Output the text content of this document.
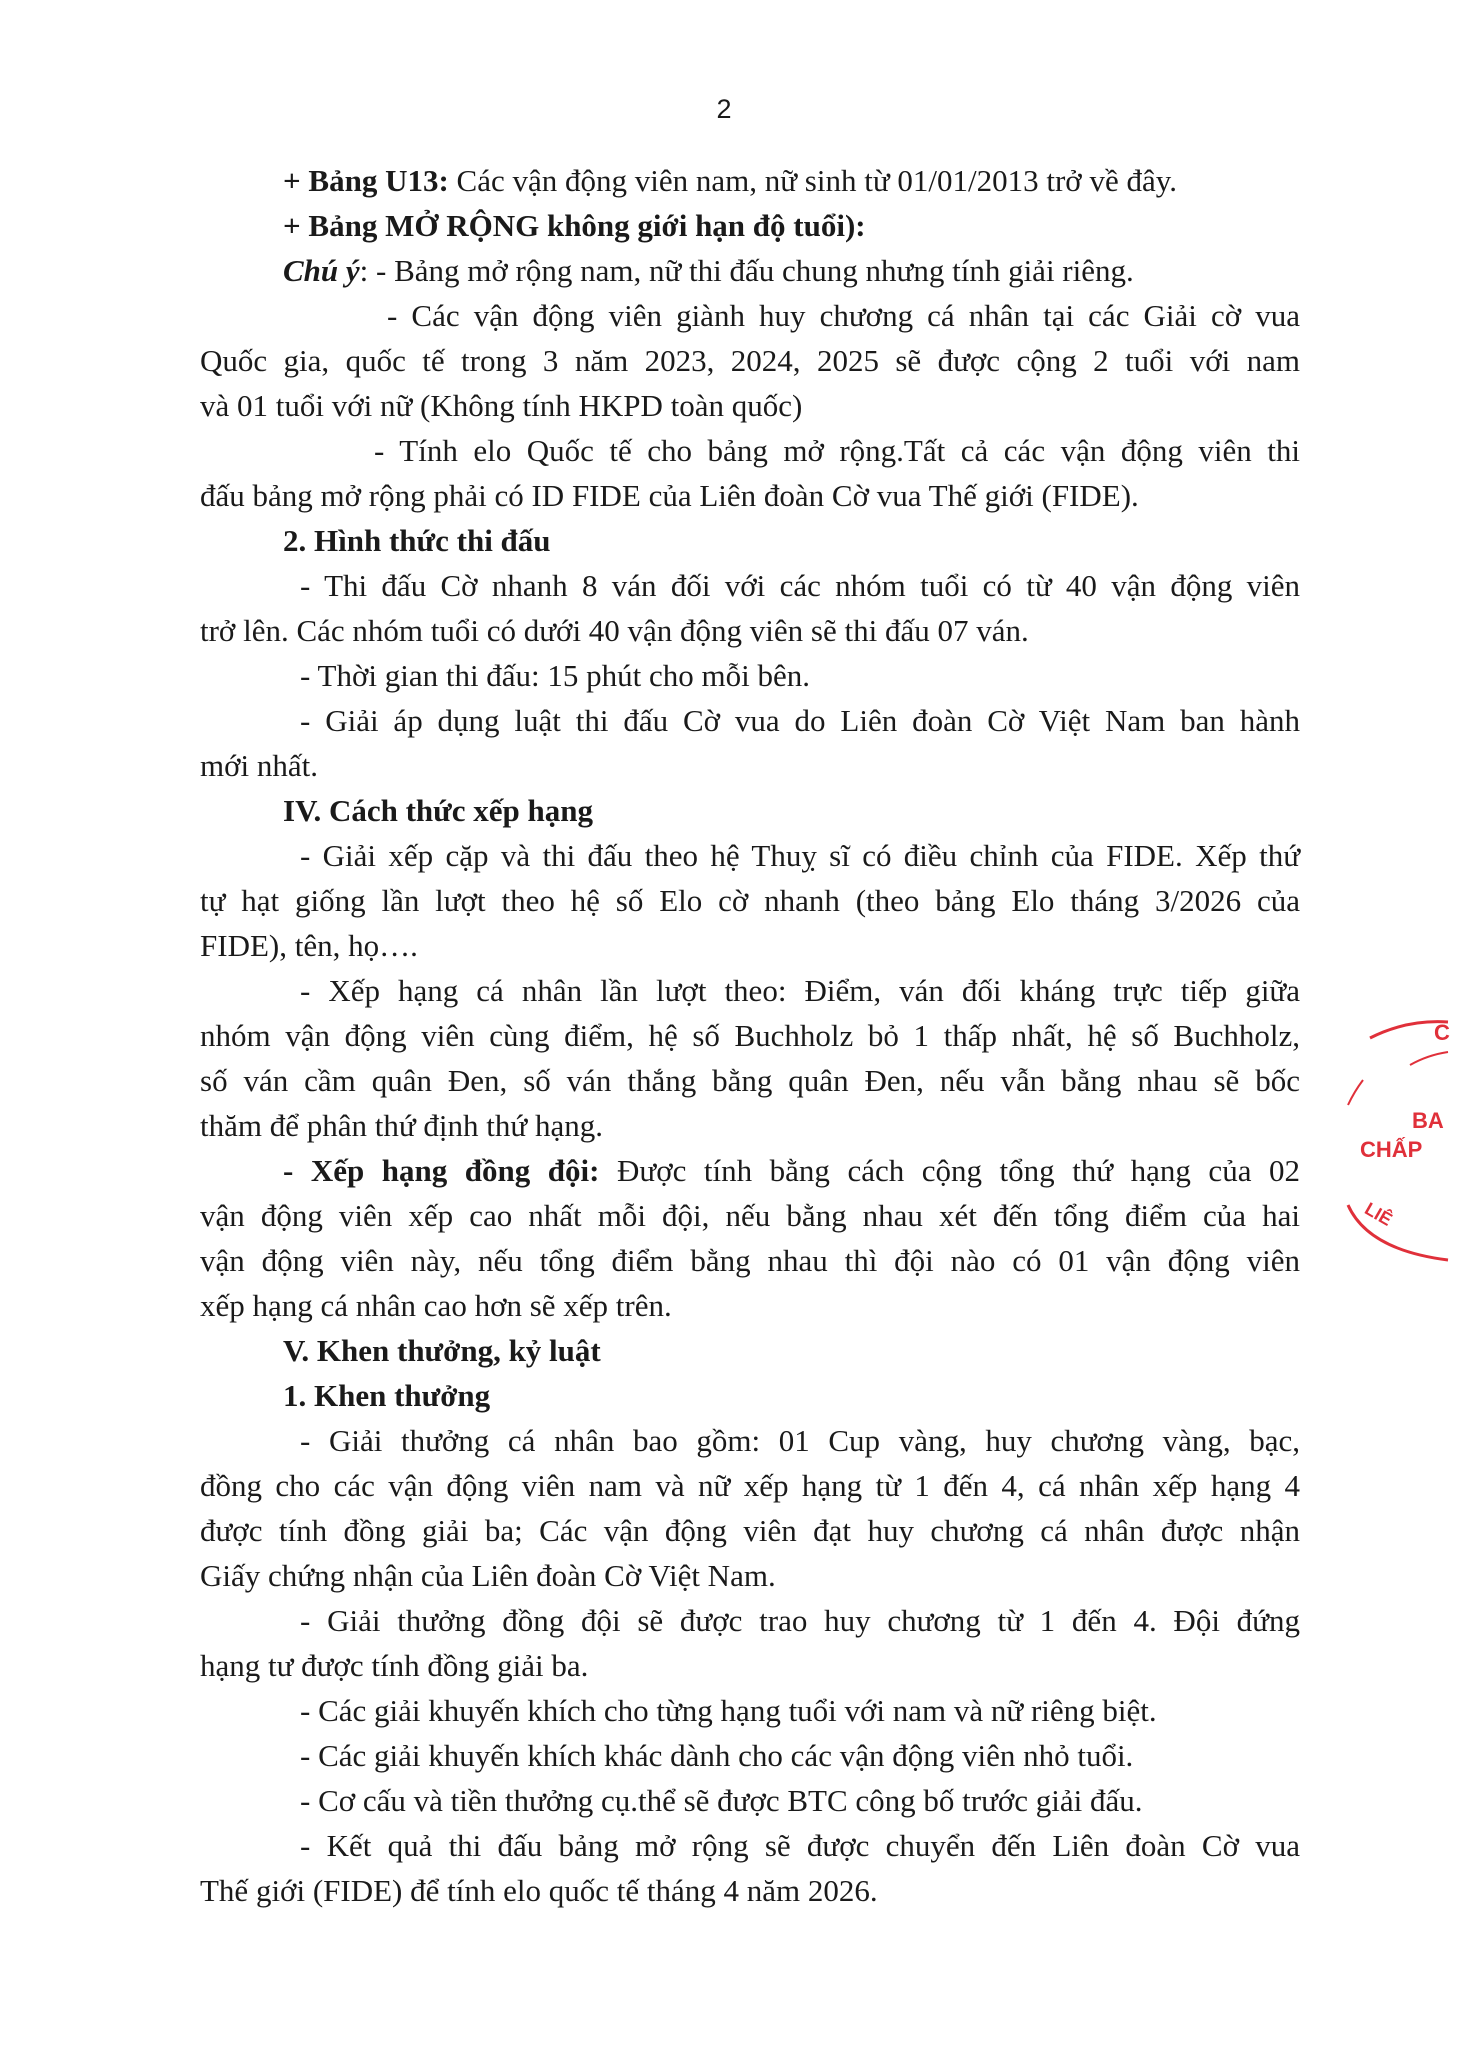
2
+ Bảng U13: Các vận động viên nam, nữ sinh từ 01/01/2013 trở về đây.
+ Bảng MỞ RỘNG không giới hạn độ tuổi):
Chú ý: - Bảng mở rộng nam, nữ thi đấu chung nhưng tính giải riêng.
- Các vận động viên giành huy chương cá nhân tại các Giải cờ vua
Quốc gia, quốc tế trong 3 năm 2023, 2024, 2025 sẽ được cộng 2 tuổi với nam
và 01 tuổi với nữ (Không tính HKPD toàn quốc)
- Tính elo Quốc tế cho bảng mở rộng.Tất cả các vận động viên thi
đấu bảng mở rộng phải có ID FIDE của Liên đoàn Cờ vua Thế giới (FIDE).
2. Hình thức thi đấu
- Thi đấu Cờ nhanh 8 ván đối với các nhóm tuổi có từ 40 vận động viên
trở lên. Các nhóm tuổi có dưới 40 vận động viên sẽ thi đấu 07 ván.
- Thời gian thi đấu: 15 phút cho mỗi bên.
- Giải áp dụng luật thi đấu Cờ vua do Liên đoàn Cờ Việt Nam ban hành
mới nhất.
IV. Cách thức xếp hạng
- Giải xếp cặp và thi đấu theo hệ Thuỵ sĩ có điều chỉnh của FIDE. Xếp thứ
tự hạt giống lần lượt theo hệ số Elo cờ nhanh (theo bảng Elo tháng 3/2026 của
FIDE), tên, họ….
- Xếp hạng cá nhân lần lượt theo: Điểm, ván đối kháng trực tiếp giữa
nhóm vận động viên cùng điểm, hệ số Buchholz bỏ 1 thấp nhất, hệ số Buchholz,
số ván cầm quân Đen, số ván thắng bằng quân Đen, nếu vẫn bằng nhau sẽ bốc
thăm để phân thứ định thứ hạng.
- Xếp hạng đồng đội: Được tính bằng cách cộng tổng thứ hạng của 02
vận động viên xếp cao nhất mỗi đội, nếu bằng nhau xét đến tổng điểm của hai
vận động viên này, nếu tổng điểm bằng nhau thì đội nào có 01 vận động viên
xếp hạng cá nhân cao hơn sẽ xếp trên.
V. Khen thưởng, kỷ luật
1. Khen thưởng
- Giải thưởng cá nhân bao gồm: 01 Cup vàng, huy chương vàng, bạc,
đồng cho các vận động viên nam và nữ xếp hạng từ 1 đến 4, cá nhân xếp hạng 4
được tính đồng giải ba; Các vận động viên đạt huy chương cá nhân được nhận
Giấy chứng nhận của Liên đoàn Cờ Việt Nam.
- Giải thưởng đồng đội sẽ được trao huy chương từ 1 đến 4. Đội đứng
hạng tư được tính đồng giải ba.
- Các giải khuyến khích cho từng hạng tuổi với nam và nữ riêng biệt.
- Các giải khuyến khích khác dành cho các vận động viên nhỏ tuổi.
- Cơ cấu và tiền thưởng cụ.thể sẽ được BTC công bố trước giải đấu.
- Kết quả thi đấu bảng mở rộng sẽ được chuyển đến Liên đoàn Cờ vua
Thế giới (FIDE) để tính elo quốc tế tháng 4 năm 2026.
C
BA
CHẤP
LIÊ
